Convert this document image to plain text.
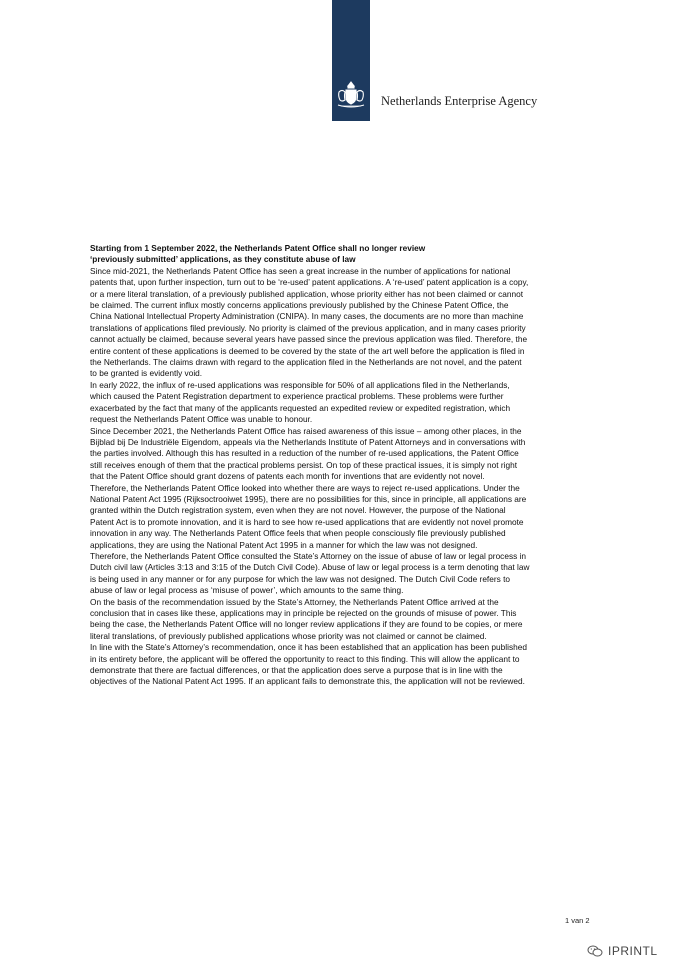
Netherlands Enterprise Agency

Starting from 1 September 2022, the Netherlands Patent Office shall no longer review
‘previously submitted’ applications, as they constitute abuse of law

Since mid-2021, the Netherlands Patent Office has seen a great increase in the number of applications for national patents that, upon further inspection, turn out to be ‘re-used’ patent applications. A ‘re-used’ patent application is a copy, or a mere literal translation, of a previously published application, whose priority either has not been claimed or cannot be claimed. The current influx mostly concerns applications previously published by the Chinese Patent Office, the China National Intellectual Property Administration (CNIPA). In many cases, the documents are no more than machine translations of applications filed previously. No priority is claimed of the previous application, and in many cases priority cannot actually be claimed, because several years have passed since the previous application was filed. Therefore, the entire content of these applications is deemed to be covered by the state of the art well before the application is filed in the Netherlands. The claims drawn with regard to the application filed in the Netherlands are not novel, and the patent to be granted is evidently void.

In early 2022, the influx of re-used applications was responsible for 50% of all applications filed in the Netherlands, which caused the Patent Registration department to experience practical problems. These problems were further exacerbated by the fact that many of the applicants requested an expedited review or expedited registration, which request the Netherlands Patent Office was unable to honour.

Since December 2021, the Netherlands Patent Office has raised awareness of this issue – among other places, in the Bijblad bij De Industriële Eigendom, appeals via the Netherlands Institute of Patent Attorneys and in conversations with the parties involved. Although this has resulted in a reduction of the number of re-used applications, the Patent Office still receives enough of them that the practical problems persist. On top of these practical issues, it is simply not right that the Patent Office should grant dozens of patents each month for inventions that are evidently not novel.

Therefore, the Netherlands Patent Office looked into whether there are ways to reject re-used applications. Under the National Patent Act 1995 (Rijksoctrooiwet 1995), there are no possibilities for this, since in principle, all applications are granted within the Dutch registration system, even when they are not novel. However, the purpose of the National Patent Act is to promote innovation, and it is hard to see how re-used applications that are evidently not novel promote innovation in any way. The Netherlands Patent Office feels that when people consciously file previously published applications, they are using the National Patent Act 1995 in a manner for which the law was not designed.

Therefore, the Netherlands Patent Office consulted the State’s Attorney on the issue of abuse of law or legal process in Dutch civil law (Articles 3:13 and 3:15 of the Dutch Civil Code). Abuse of law or legal process is a term denoting that law is being used in any manner or for any purpose for which the law was not designed. The Dutch Civil Code refers to abuse of law or legal process as ‘misuse of power’, which amounts to the same thing.

On the basis of the recommendation issued by the State’s Attorney, the Netherlands Patent Office arrived at the conclusion that in cases like these, applications may in principle be rejected on the grounds of misuse of power. This being the case, the Netherlands Patent Office will no longer review applications if they are found to be copies, or mere literal translations, of previously published applications whose priority was not claimed or cannot be claimed.

In line with the State’s Attorney’s recommendation, once it has been established that an application has been published in its entirety before, the applicant will be offered the opportunity to react to this finding. This will allow the applicant to demonstrate that there are factual differences, or that the application does serve a purpose that is in line with the objectives of the National Patent Act 1995. If an applicant fails to demonstrate this, the application will not be reviewed.

1 van 2
IPRINTL
